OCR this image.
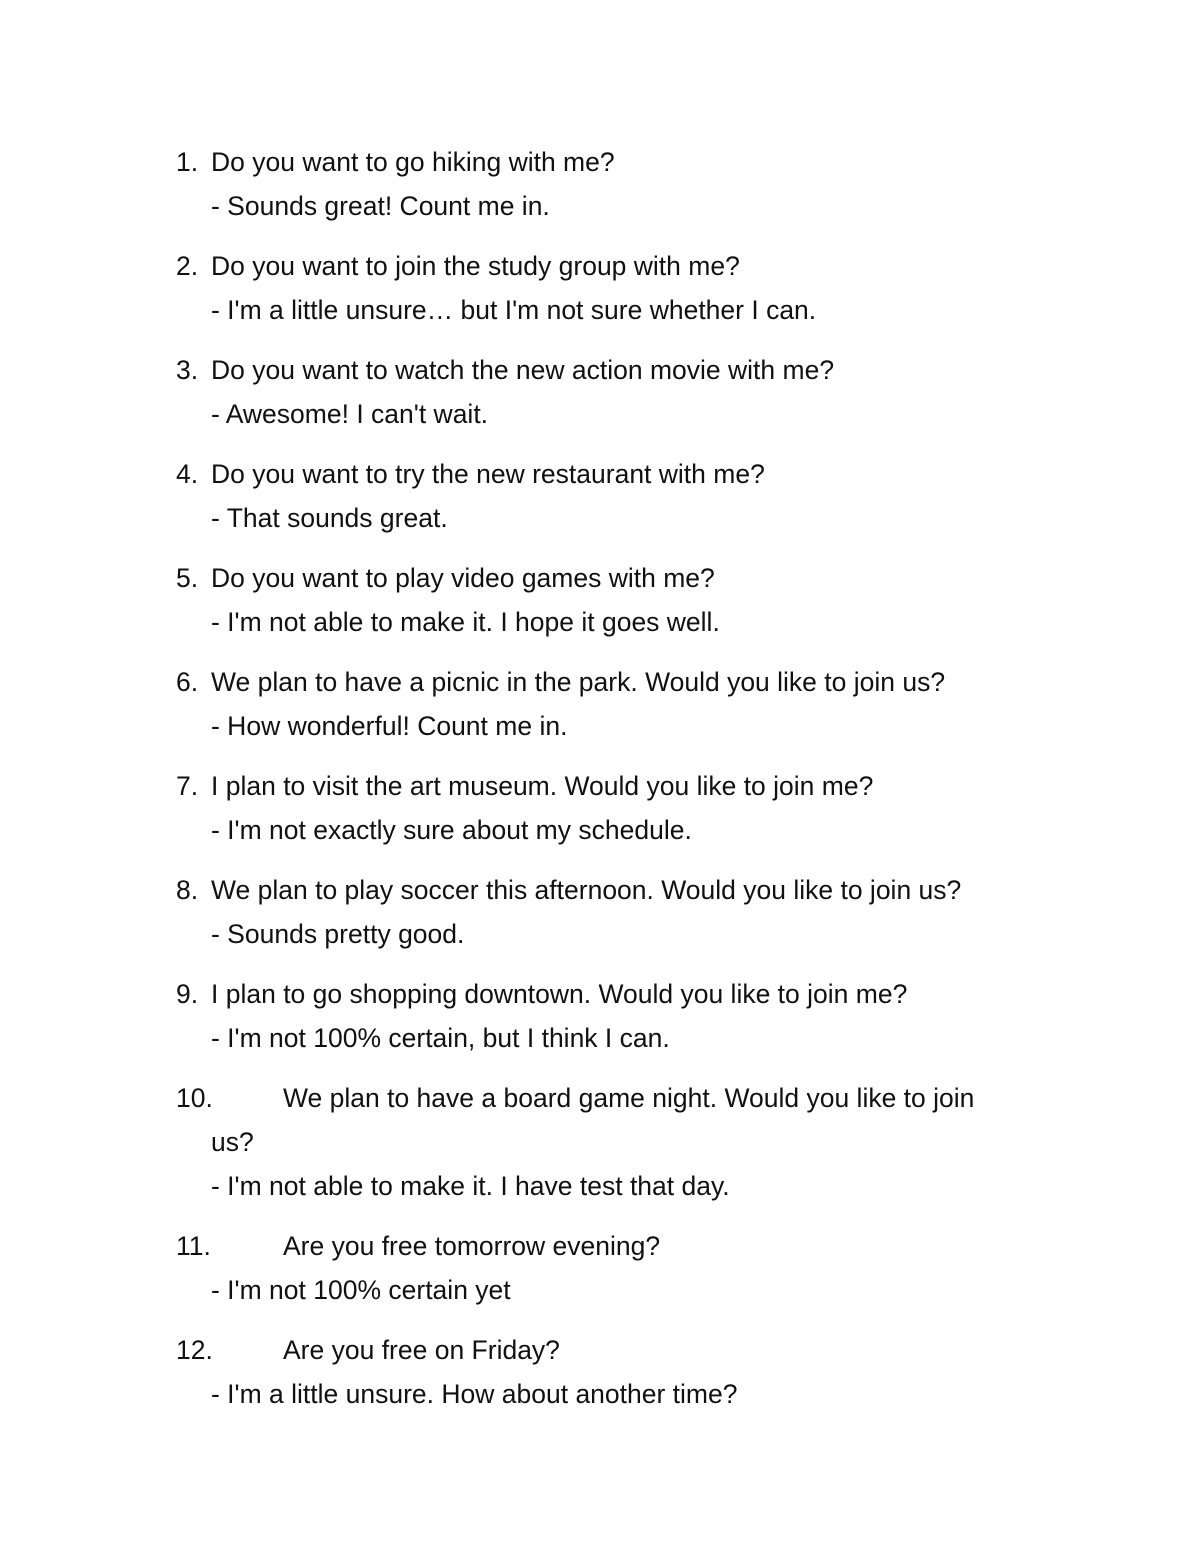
1. Do you want to go hiking with me?
- Sounds great! Count me in.
2. Do you want to join the study group with me?
- I'm a little unsure… but I'm not sure whether I can.
3. Do you want to watch the new action movie with me?
- Awesome! I can't wait.
4. Do you want to try the new restaurant with me?
- That sounds great.
5. Do you want to play video games with me?
- I'm not able to make it. I hope it goes well.
6. We plan to have a picnic in the park. Would you like to join us?
- How wonderful! Count me in.
7. I plan to visit the art museum. Would you like to join me?
- I'm not exactly sure about my schedule.
8. We plan to play soccer this afternoon. Would you like to join us?
- Sounds pretty good.
9. I plan to go shopping downtown. Would you like to join me?
- I'm not 100% certain, but I think I can.
10.	We plan to have a board game night. Would you like to join
us?
- I'm not able to make it. I have test that day.
11.	Are you free tomorrow evening?
- I'm not 100% certain yet
12.	Are you free on Friday?
- I'm a little unsure. How about another time?
